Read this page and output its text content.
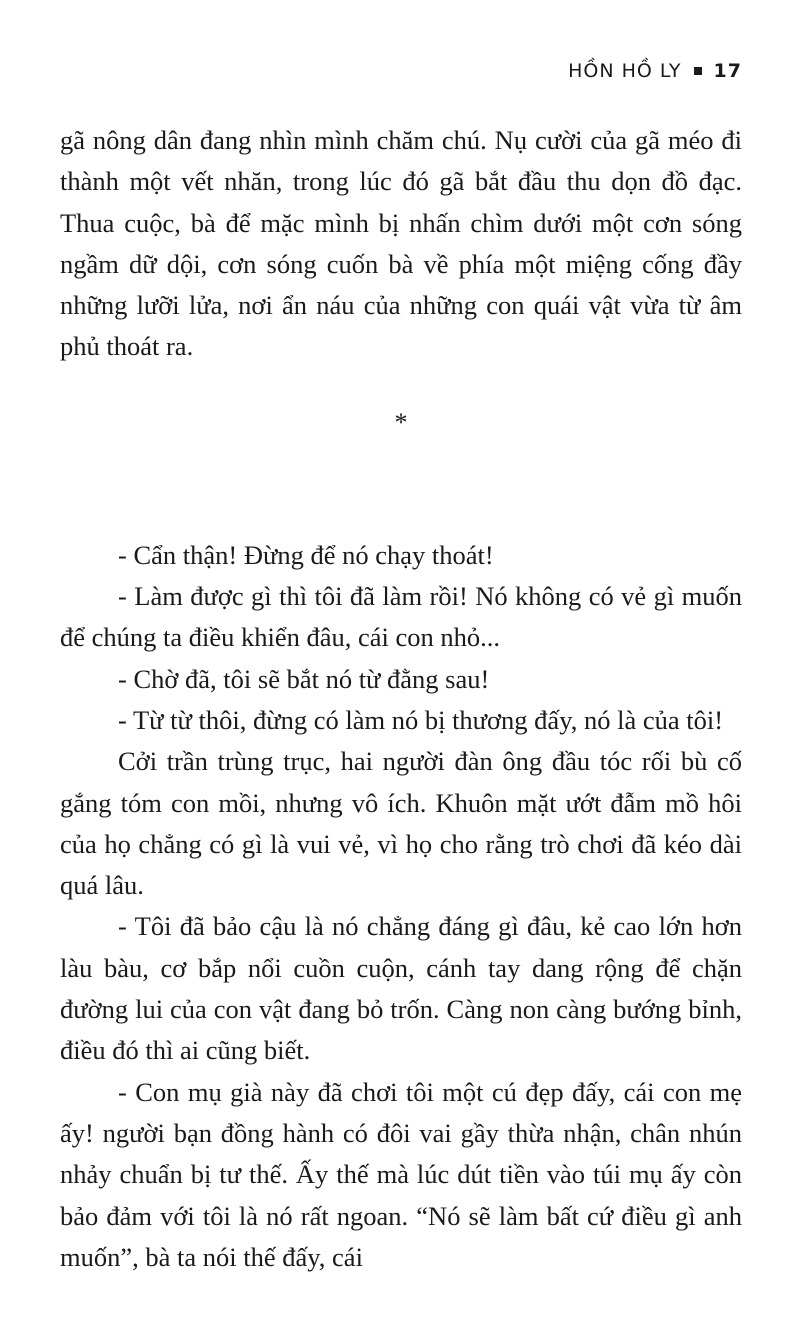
HỒN HỒ LY 17

gã nông dân đang nhìn mình chăm chú. Nụ cười của gã méo đi thành một vết nhăn, trong lúc đó gã bắt đầu thu dọn đồ đạc. Thua cuộc, bà để mặc mình bị nhấn chìm dưới một cơn sóng ngầm dữ dội, cơn sóng cuốn bà về phía một miệng cống đầy những lưỡi lửa, nơi ẩn náu của những con quái vật vừa từ âm phủ thoát ra.

*

- Cẩn thận! Đừng để nó chạy thoát!

- Làm được gì thì tôi đã làm rồi! Nó không có vẻ gì muốn để chúng ta điều khiển đâu, cái con nhỏ...

- Chờ đã, tôi sẽ bắt nó từ đằng sau!

- Từ từ thôi, đừng có làm nó bị thương đấy, nó là của tôi!

Cởi trần trùng trục, hai người đàn ông đầu tóc rối bù cố gắng tóm con mồi, nhưng vô ích. Khuôn mặt ướt đẫm mồ hôi của họ chẳng có gì là vui vẻ, vì họ cho rằng trò chơi đã kéo dài quá lâu.

- Tôi đã bảo cậu là nó chẳng đáng gì đâu, kẻ cao lớn hơn làu bàu, cơ bắp nổi cuồn cuộn, cánh tay dang rộng để chặn đường lui của con vật đang bỏ trốn. Càng non càng bướng bỉnh, điều đó thì ai cũng biết.

- Con mụ già này đã chơi tôi một cú đẹp đấy, cái con mẹ ấy! người bạn đồng hành có đôi vai gầy thừa nhận, chân nhún nhảy chuẩn bị tư thế. Ấy thế mà lúc dút tiền vào túi mụ ấy còn bảo đảm với tôi là nó rất ngoan. “Nó sẽ làm bất cứ điều gì anh muốn”, bà ta nói thế đấy, cái
